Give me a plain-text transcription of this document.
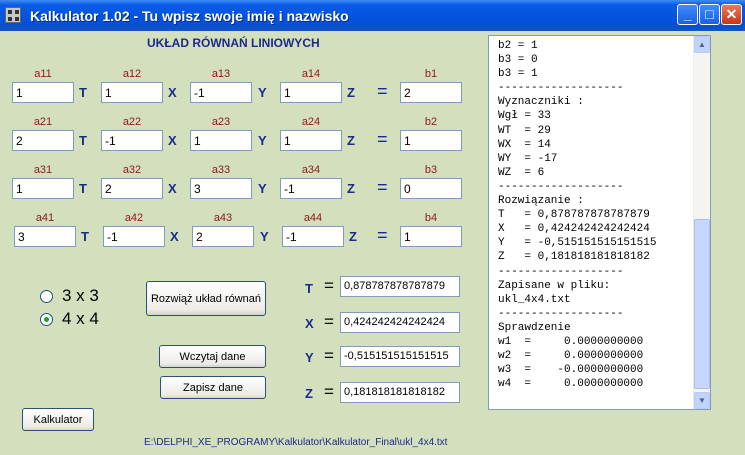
Kalkulator 1.02 - Tu wpisz swoje imię i nazwisko	_ □ ✕
UKŁAD RÓWNAŃ LINIOWYCH
a11
1
T
a12
1
X
a13
-1
Y
a14
1
Z
b1
2
=
a21
2
T
a22
-1
X
a23
1
Y
a24
1
Z
b2
1
=
a31
1
T
a32
2
X
a33
3
Y
a34
-1
Z
b3
0
=
a41
3
T
a42
-1
X
a43
2
Y
a44
-1
Z
b4
1
=
3 x 3
4 x 4
Rozwiąż układ równań
Wczytaj dane
Zapisz dane
Kalkulator
T = 0,878787878787879
X = 0,424242424242424
Y = -0,515151515151515
Z = 0,181818181818182
b2 = 1
b3 = 0
b3 = 1
-------------------
Wyznaczniki :
Wgł = 33
WT  = 29
WX  = 14
WY  = -17
WZ  = 6
-------------------
Rozwiązanie :
T   = 0,878787878787879
X   = 0,424242424242424
Y   = -0,515151515151515
Z   = 0,181818181818182
-------------------
Zapisane w pliku:
ukl_4x4.txt
-------------------
Sprawdzenie
w1  =     0.0000000000
w2  =     0.0000000000
w3  =    -0.0000000000
w4  =     0.0000000000
▲
▼
E:\DELPHI_XE_PROGRAMY\Kalkulator\Kalkulator_Final\ukl_4x4.txt
